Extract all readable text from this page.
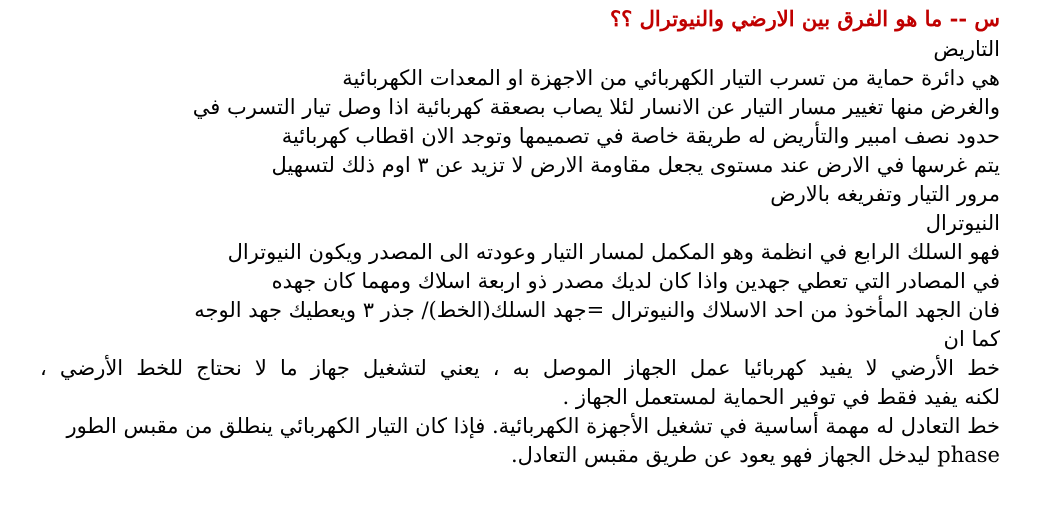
س -- ما هو الفرق بين الارضي والنيوترال ؟؟
التاريض
هي دائرة حماية من تسرب التيار الكهربائي من الاجهزة او المعدات الكهربائية
والغرض منها تغيير مسار التيار عن الانسار لئلا يصاب بصعقة كهربائية اذا وصل تيار التسرب في
حدود نصف امبير والتأريض له طريقة خاصة في تصميمها وتوجد الان اقطاب كهربائية
يتم غرسها في الارض عند مستوى يجعل مقاومة الارض لا تزيد عن ٣ اوم ذلك لتسهيل
مرور التيار وتفريغه بالارض
النيوترال
فهو السلك الرابع في انظمة وهو المكمل لمسار التيار وعودته الى المصدر ويكون النيوترال
في المصادر التي تعطي جهدين واذا كان لديك مصدر ذو اربعة اسلاك ومهما كان جهده
فان الجهد المأخوذ من احد الاسلاك والنيوترال =جهد السلك(الخط)/ جذر ٣ ويعطيك جهد الوجه
كما ان
خط الأرضي لا يفيد كهربائيا عمل الجهاز الموصل به ، يعني لتشغيل جهاز ما لا نحتاج للخط الأرضي ،
لكنه يفيد فقط في توفير الحماية لمستعمل الجهاز .
خط التعادل له مهمة أساسية في تشغيل الأجهزة الكهربائية. فإذا كان التيار الكهربائي ينطلق من مقبس الطور
phase ليدخل الجهاز فهو يعود عن طريق مقبس التعادل.
